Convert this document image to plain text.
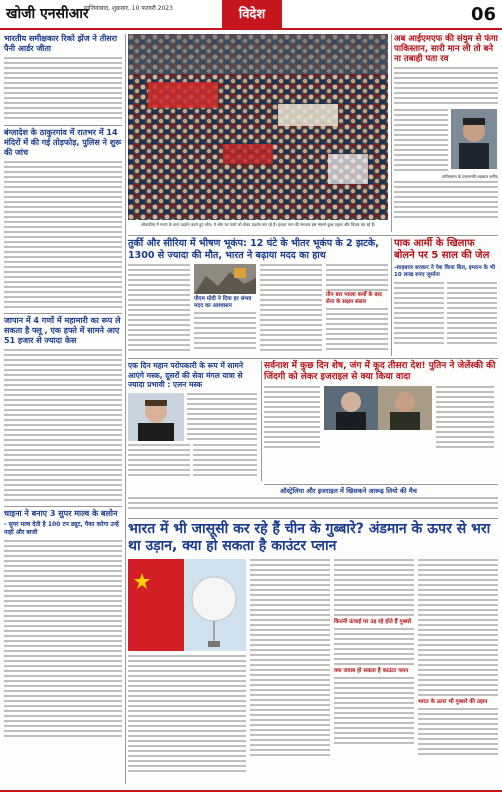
खोजी एनसीआर
गाजियाबाद, शुक्रवार, 10 फरवरी 2023	विदेश	06
भारतीय समीक्षकार रिको झेंज ने तीसरा पैनी आर्डर जीता
बंग्लादेश के ठाकुरगांव में रातभर में 14 मंदिरों में की गई तोड़फोड़, पुलिस ने शुरू की जांच
जापान में 4 गणों में महामारी का रूप ले सकता है फ्लू , एक हफ्ते में सामने आए 51 हजार से ज्यादा केस
चाइना ने बनाए 3 सुपर माल्व के बलोन
- सुपर मल्व देती है 100 टन ड्यूट, पैका करेगा उन्हें नाहीं और बाजी
ओलांदीया में नजय के वारा प्रदर्शन करते हुए लोग। ये लोग घर यादो को लेकर प्रदर्शन कर रहे हैं। इनका नारा की सरकार इस मामले कुछ एहला और विचार कर रहे हैं।
अब आईएमएफ की संयुम से फंगा पाकिस्तान, सारी मान ली तो बने ना तबाही पता रव
पाकिस्तान के प्रधानमंत्री शहबाज शरीफ
तुर्की और सीरिया में भीषण भूकंप: 12 घंटे के भीतर भूकंप के 2 झटके, 1300 से ज्यादा की मौत, भारत ने बढ़ाया मदद का हाथ
पीएम मोदी ने दिया हर संभव मदद का आश्वासन
तीन बार प्याला कर्यों के बाद सेना के सक्षय संसार
पाक आर्मी के खिलाफ बोलने पर 5 साल की जेल
-शाहबाज सरकार ने पेश किया बिल, इमरान के भी 10 लाख रुपए जुर्माना
एक दिन महान परोपकारी के रूप में सामने आएंगे मस्क, दूसरों की सेवा मंगल यात्रा से ज्यादा प्रभावी : एलन मस्क
सर्वनाश में कुछ दिन शेष, जंग में कूद तीसरा देश! पुतिन ने जेलेंस्की की जिंदगी को लेकर इजराइल से क्या किया वादा
ऑस्ट्रेलिया और इजराइल में खिसकने आरूढ़ लियो की मैच
भारत में भी जासूसी कर रहे हैं चीन के गुब्बारे? अंडमान के ऊपर से भरा था उड़ान, क्या हो सकता है काउंटर प्लान
कितनी ऊंचाई पर उड़ रहे होते हैं गुब्बारे
क्या जवाब हो सकता है काउंटर प्लान
भारत के ऊपर भी गुब्बारे की उड़ान
